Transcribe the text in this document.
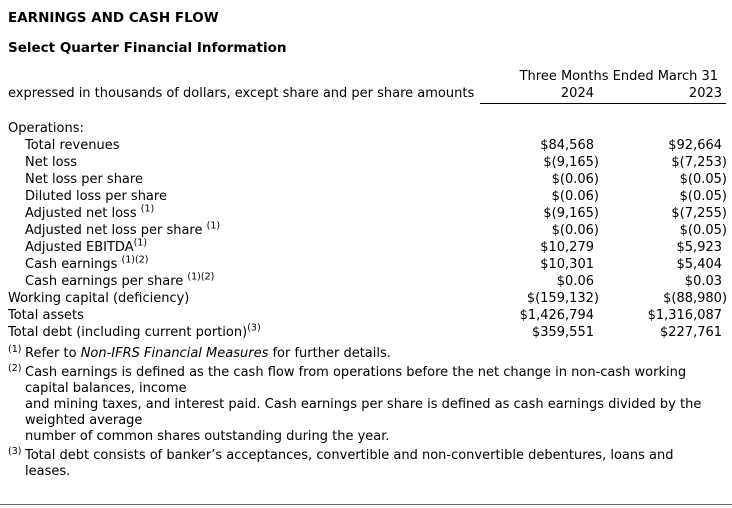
EARNINGS AND CASH FLOW
Select Quarter Financial Information
	Three Months Ended March 31	
expressed in thousands of dollars, except share and per share amounts	2024	2023

Operations:		
Total revenues	$84,568	$92,664
Net loss	$(9,165)	$(7,253)
Net loss per share	$(0.06)	$(0.05)
Diluted loss per share	$(0.06)	$(0.05)
Adjusted net loss $^{(1)}$	$(9,165)	$(7,255)
Adjusted net loss per share $^{(1)}$	$(0.06)	$(0.05)
Adjusted EBITDA$^{(1)}$	$10,279	$5,923
Cash earnings $^{(1)(2)}$	$10,301	$5,404
Cash earnings per share $^{(1)(2)}$	$0.06	$0.03
Working capital (deficiency)	$(159,132)	$(88,980)
Total assets	$1,426,794	$1,316,087
Total debt (including current portion)$^{(3)}$	$359,551	$227,761
(1) Refer to Non-IFRS Financial Measures for further details.
(2) Cash earnings is defined as the cash flow from operations before the net change in non-cash working
capital balances, income
and mining taxes, and interest paid. Cash earnings per share is defined as cash earnings divided by the
weighted average
number of common shares outstanding during the year.
(3) Total debt consists of banker’s acceptances, convertible and non-convertible debentures, loans and
leases.
